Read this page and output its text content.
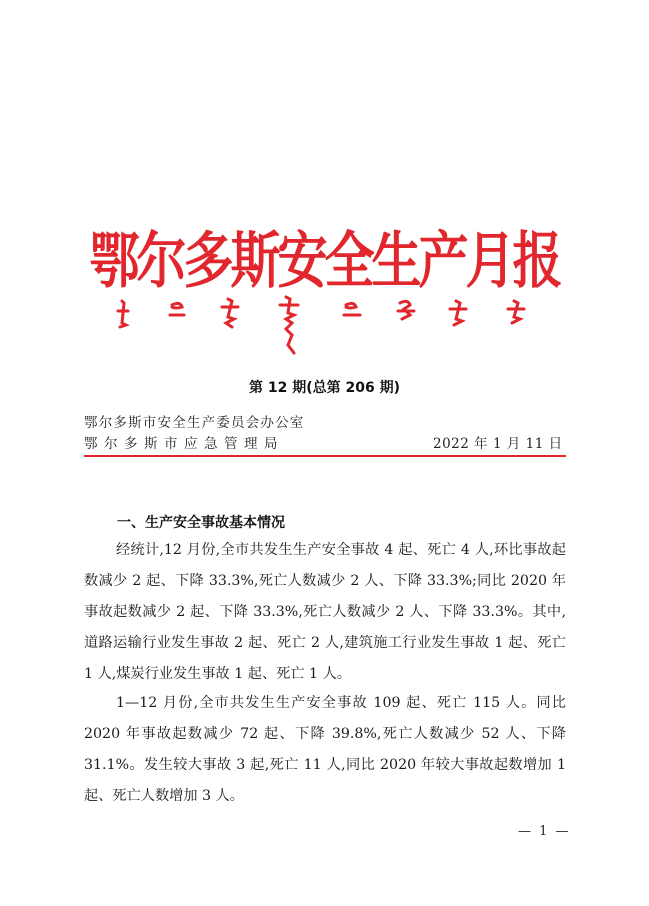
鄂尔多斯安全生产月报
第 12 期(总第 206 期)
鄂尔多斯市安全生产委员会办公室
鄂尔多斯市应急管理局	2022 年 1 月 11 日
一、生产安全事故基本情况

经统计,12 月份,全市共发生生产安全事故 4 起、死亡 4 人,环比事故起数减少 2 起、下降 33.3%,死亡人数减少 2 人、下降 33.3%;同比 2020 年事故起数减少 2 起、下降 33.3%,死亡人数减少 2 人、下降 33.3%。其中,道路运输行业发生事故 2 起、死亡 2 人,建筑施工行业发生事故 1 起、死亡 1 人,煤炭行业发生事故 1 起、死亡 1 人。

1—12 月份,全市共发生生产安全事故 109 起、死亡 115 人。同比 2020 年事故起数减少 72 起、下降 39.8%,死亡人数减少 52 人、下降 31.1%。发生较大事故 3 起,死亡 11 人,同比 2020 年较大事故起数增加 1 起、死亡人数增加 3 人。

— 1 —
